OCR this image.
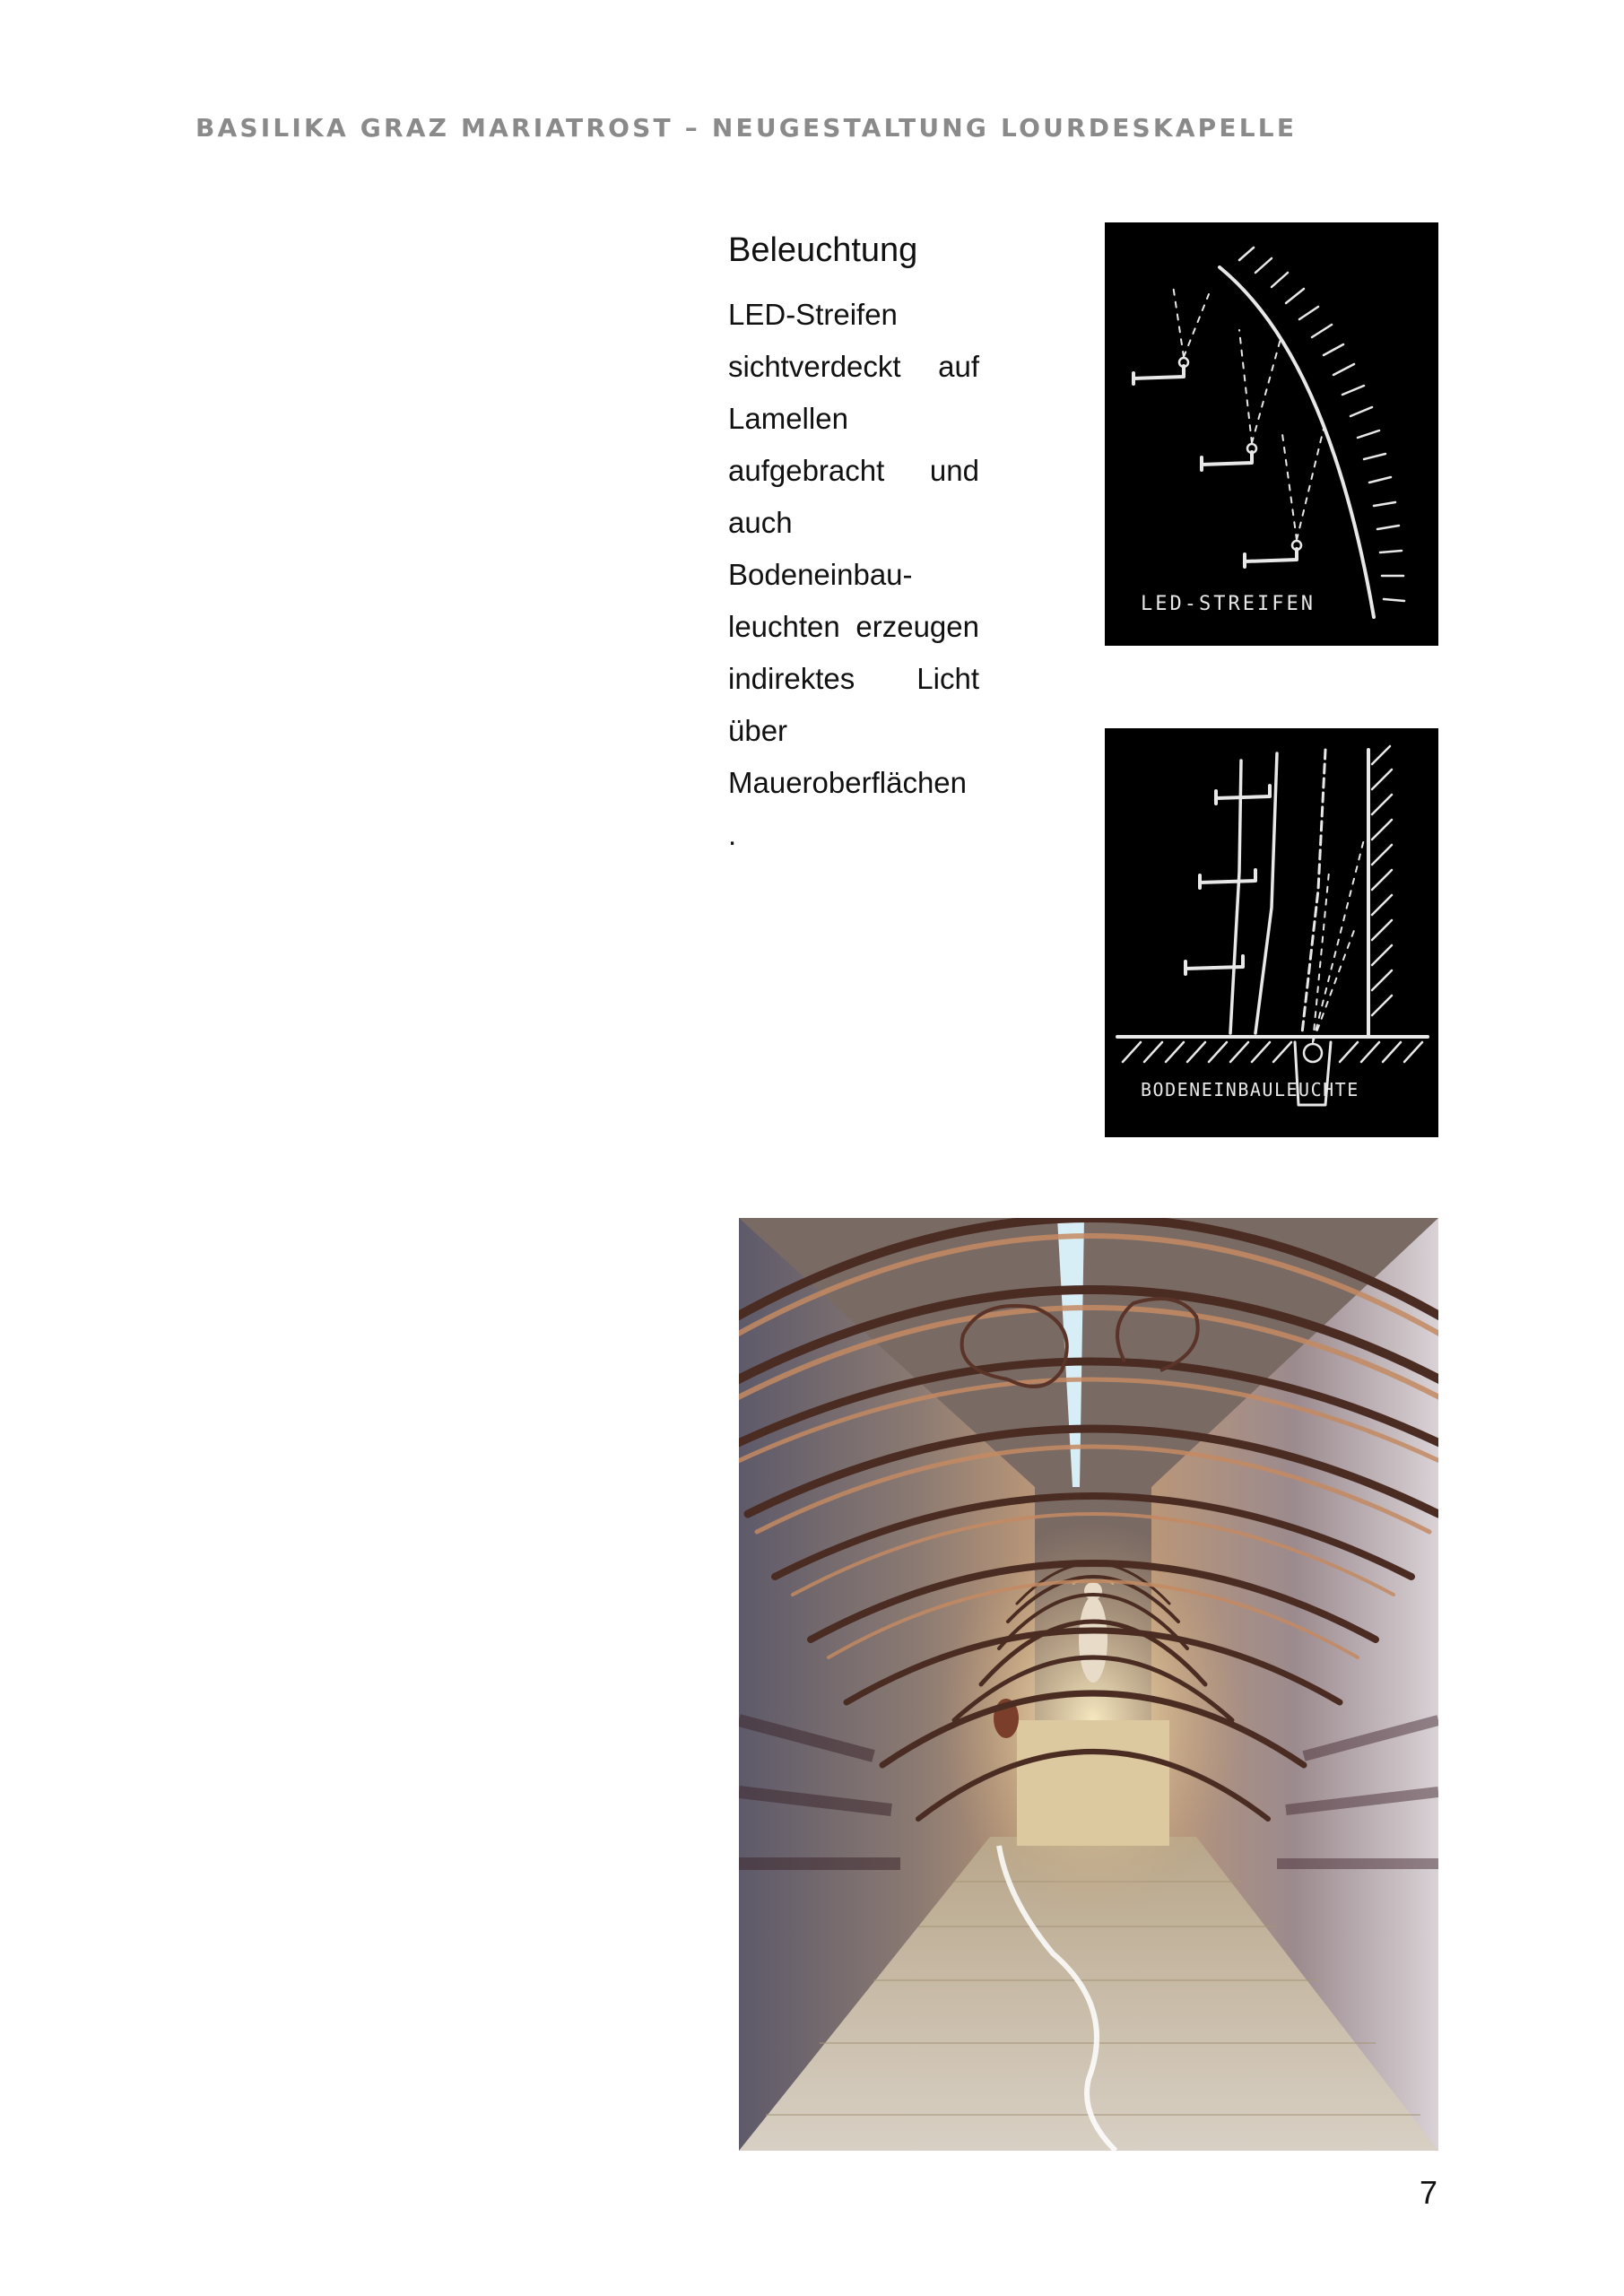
BASILIKA GRAZ MARIATROST – NEUGESTALTUNG LOURDESKAPELLE
Beleuchtung
LED-Streifen
sichtverdeckt auf
Lamellen
aufgebracht und
auch
Bodeneinbau-
leuchten erzeugen
indirektes Licht
über
Maueroberflächen
.
LED-STREIFEN
BODENEINBAULEUCHTE
7
